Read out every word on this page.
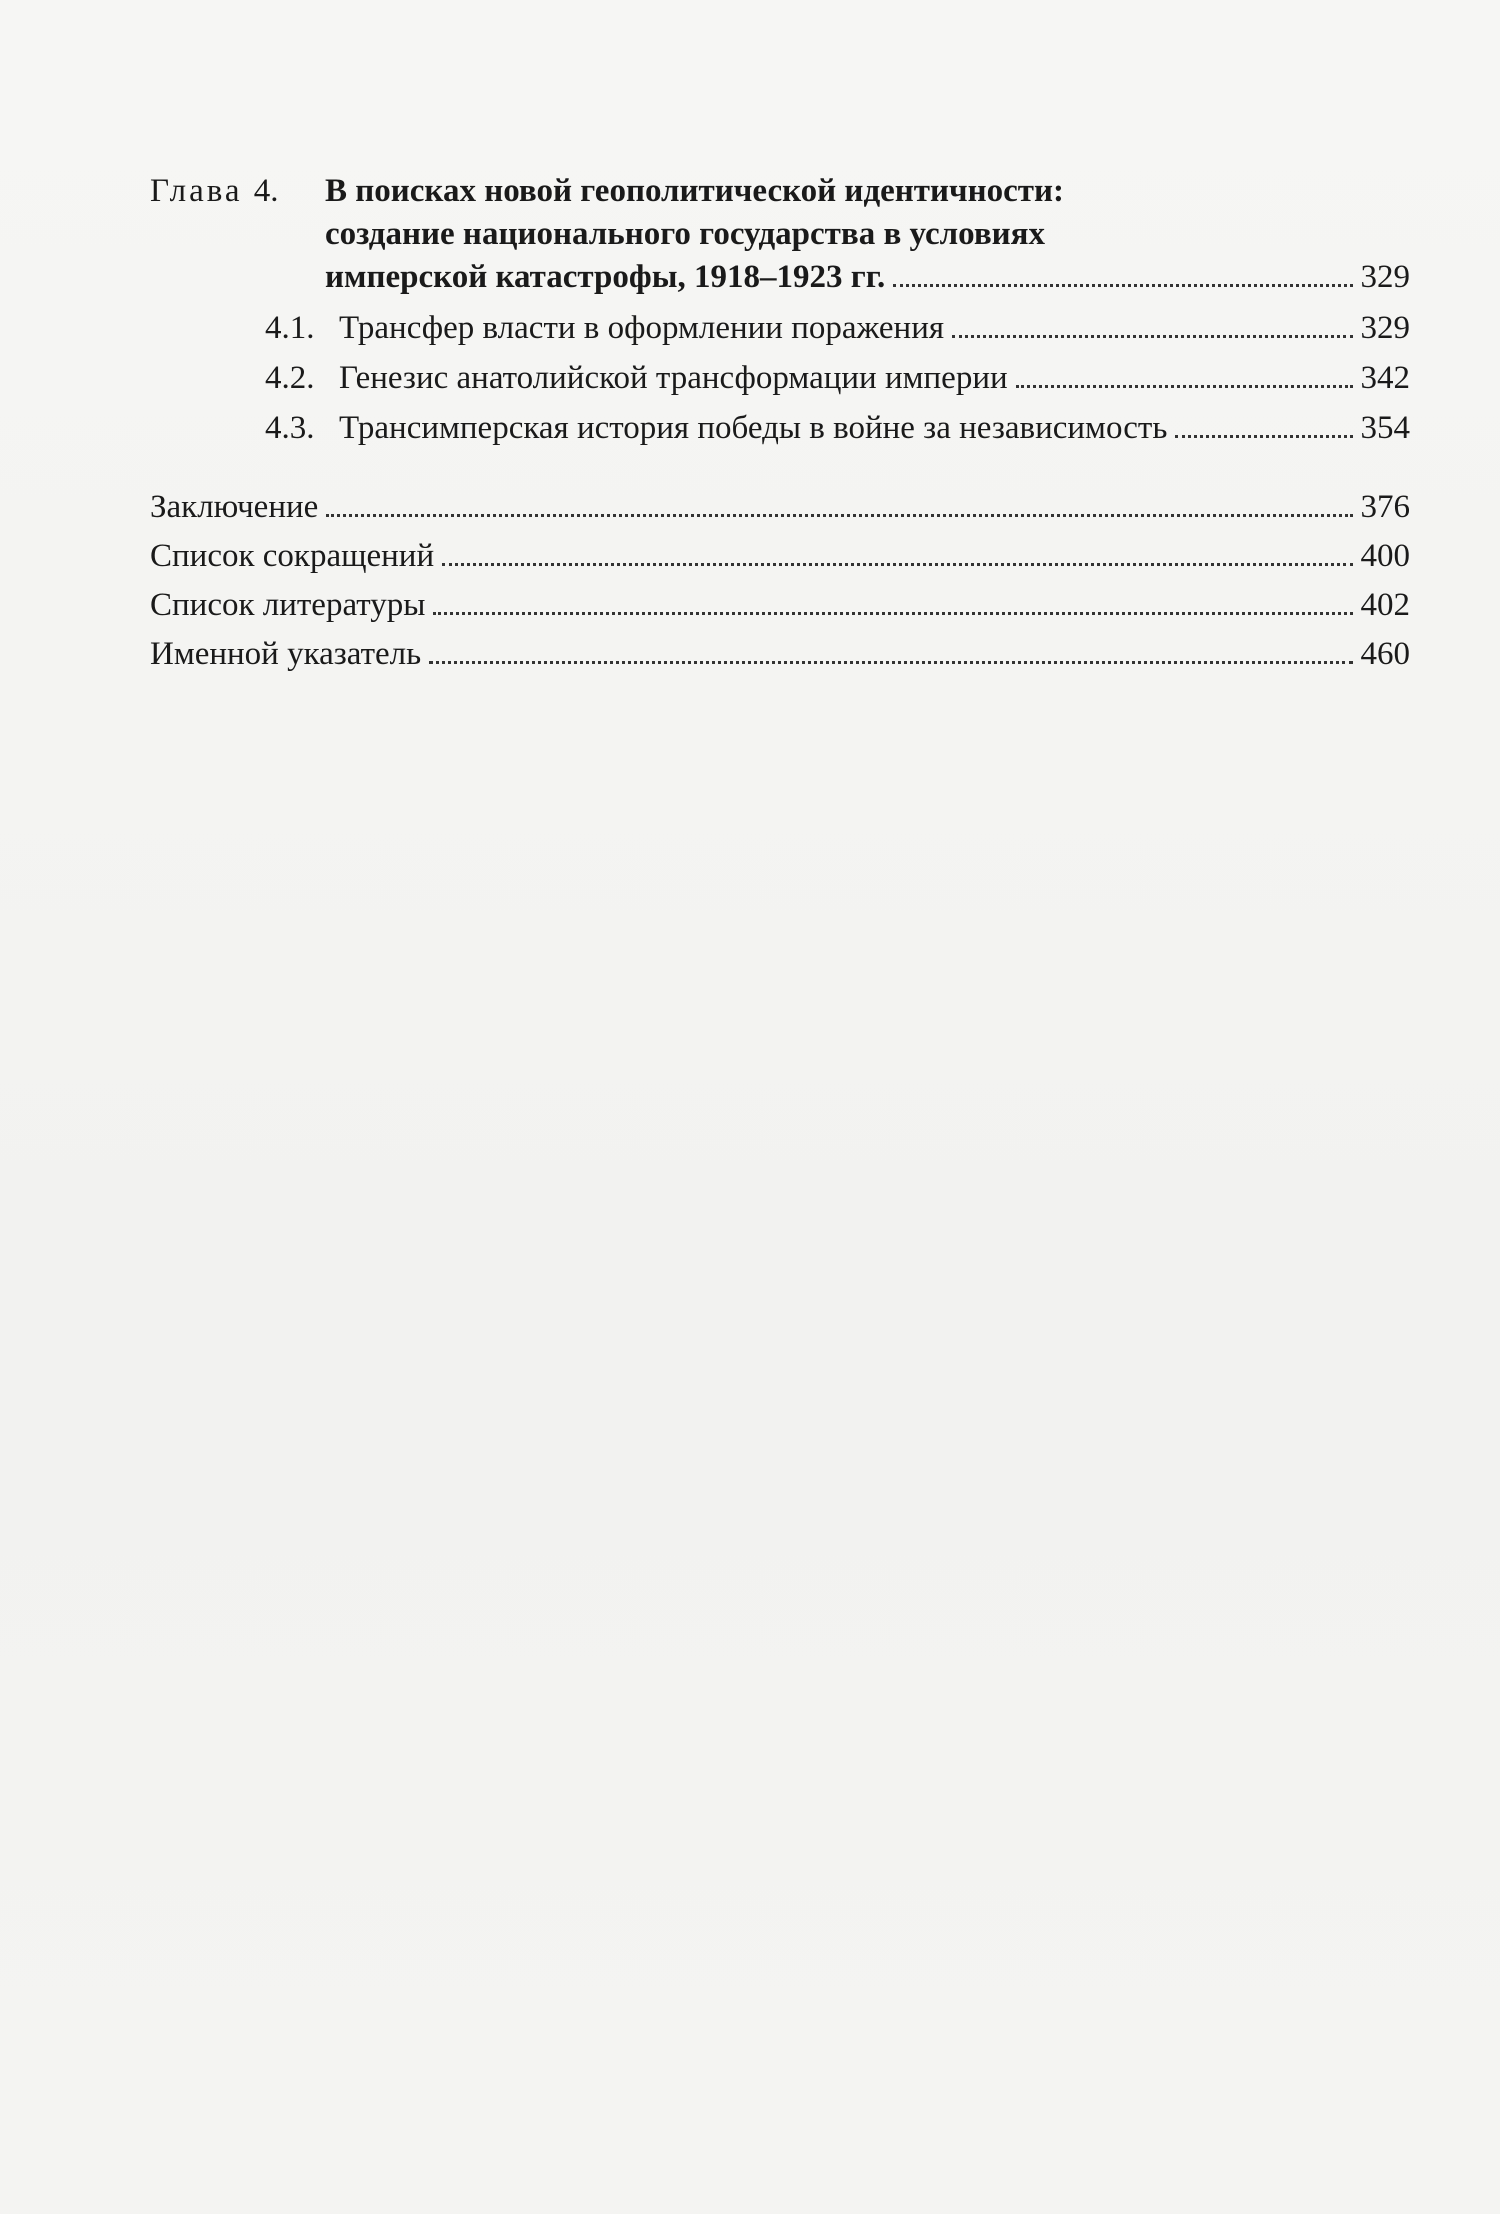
Глава 4.	В поисках новой геополитической идентичности:
создание национального государства в условиях
имперской катастрофы, 1918–1923 гг.	329
4.1. Трансфер власти в оформлении поражения	329
4.2. Генезис анатолийской трансформации империи	342
4.3. Трансимперская история победы в войне за независимость	354
Заключение	376
Список сокращений	400
Список литературы	402
Именной указатель	460
